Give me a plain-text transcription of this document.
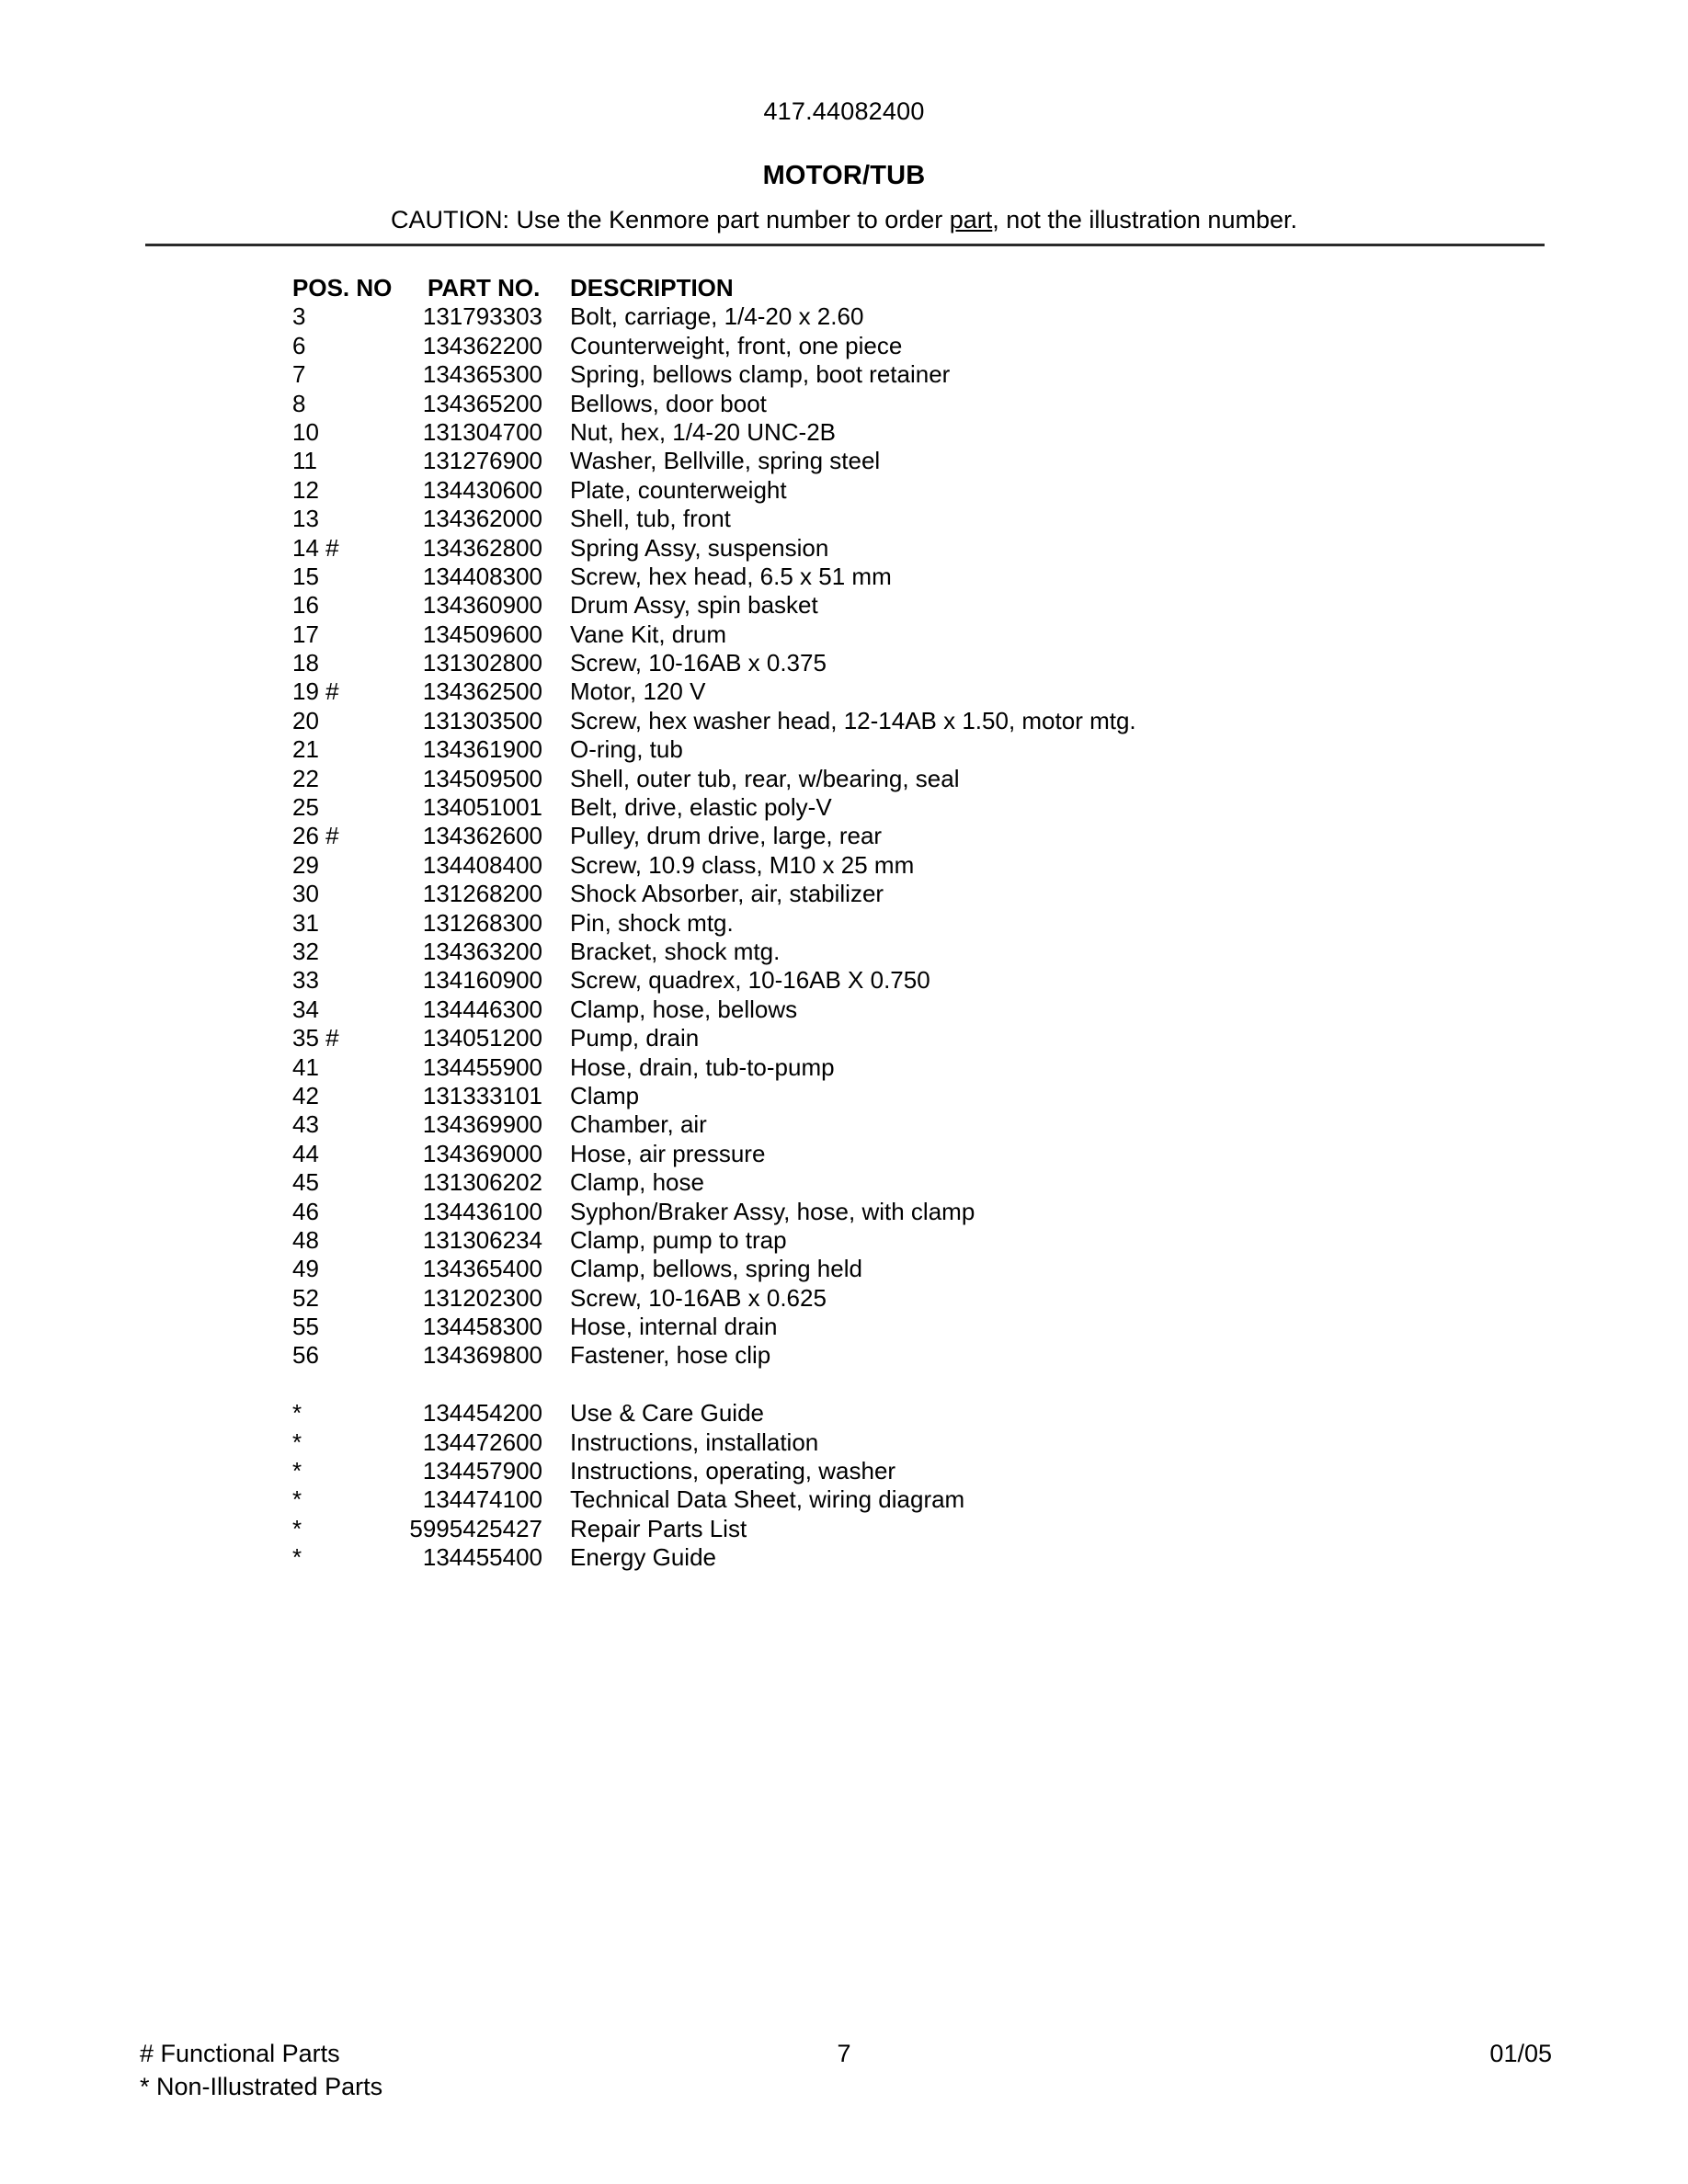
417.44082400
MOTOR/TUB
CAUTION: Use the Kenmore part number to order part, not the illustration number.
POS. NO	PART NO. DESCRIPTION
3	131793303 Bolt, carriage, 1/4-20 x 2.60
6	134362200 Counterweight, front, one piece
7	134365300 Spring, bellows clamp, boot retainer
8	134365200 Bellows, door boot
10	131304700 Nut, hex, 1/4-20 UNC-2B
11	131276900 Washer, Bellville, spring steel
12	134430600 Plate, counterweight
13	134362000 Shell, tub, front
14 #	134362800 Spring Assy, suspension
15	134408300 Screw, hex head, 6.5 x 51 mm
16	134360900 Drum Assy, spin basket
17	134509600 Vane Kit, drum
18	131302800 Screw, 10-16AB x 0.375
19 #	134362500 Motor, 120 V
20	131303500 Screw, hex washer head, 12-14AB x 1.50, motor mtg.
21	134361900 O-ring, tub
22	134509500 Shell, outer tub, rear, w/bearing, seal
25	134051001 Belt, drive, elastic poly-V
26 #	134362600 Pulley, drum drive, large, rear
29	134408400 Screw, 10.9 class, M10 x 25 mm
30	131268200 Shock Absorber, air, stabilizer
31	131268300 Pin, shock mtg.
32	134363200 Bracket, shock mtg.
33	134160900 Screw, quadrex, 10-16AB X 0.750
34	134446300 Clamp, hose, bellows
35 #	134051200 Pump, drain
41	134455900 Hose, drain, tub-to-pump
42	131333101 Clamp
43	134369900 Chamber, air
44	134369000 Hose, air pressure
45	131306202 Clamp, hose
46	134436100 Syphon/Braker Assy, hose, with clamp
48	131306234 Clamp, pump to trap
49	134365400 Clamp, bellows, spring held
52	131202300 Screw, 10-16AB x 0.625
55	134458300 Hose, internal drain
56	134369800 Fastener, hose clip
*	134454200 Use & Care Guide
*	134472600 Instructions, installation
*	134457900 Instructions, operating, washer
*	134474100 Technical Data Sheet, wiring diagram
*	5995425427 Repair Parts List
*	134455400 Energy Guide
# Functional Parts
* Non-Illustrated Parts
7	01/05
